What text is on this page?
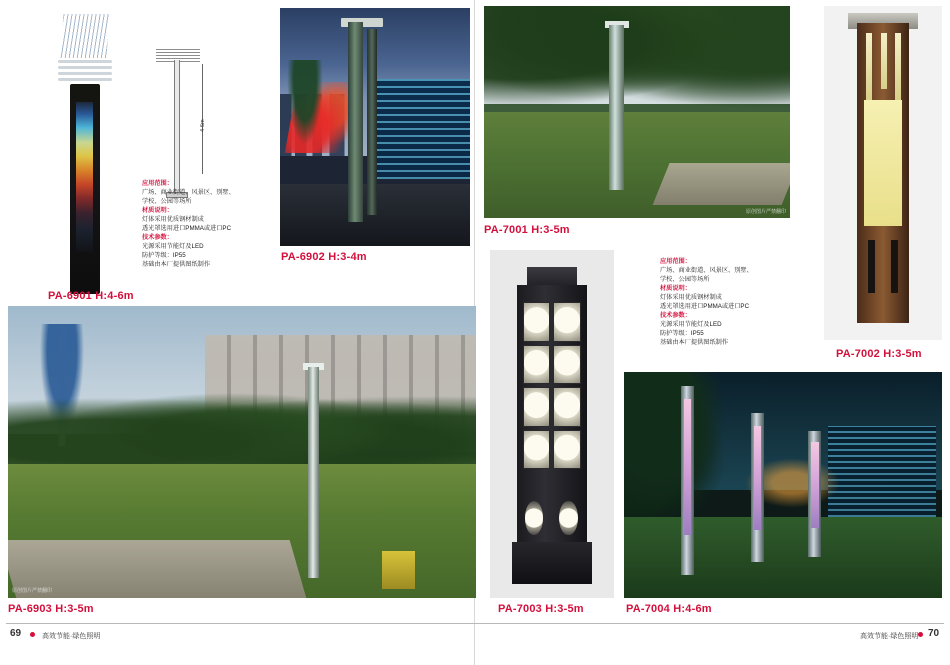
4-6m
应用范围：
广场、商业街道、风景区、别墅、
学校、公园等场所
材质说明：
灯体采用优质钢材制成
透光罩选用进口PMMA或进口PC
技术参数：
光源采用节能灯及LED
防护等级：IP55
基础由本厂提供图纸制作
PA-6901 H:4-6m
PA-6902 H:3-4m
原创图片严禁翻印
PA-7001 H:3-5m
PA-7002 H:3-5m
应用范围：
广场、商业街道、风景区、别墅、
学校、公园等场所
材质说明：
灯体采用优质钢材制成
透光罩选用进口PMMA或进口PC
技术参数：
光源采用节能灯及LED
防护等级：IP55
基础由本厂提供图纸制作
原创图片严禁翻印
PA-6903 H:3-5m	PA-7003 H:3-5m	PA-7004 H:4-6m
69	高效节能·绿色照明	高效节能·绿色照明 70
